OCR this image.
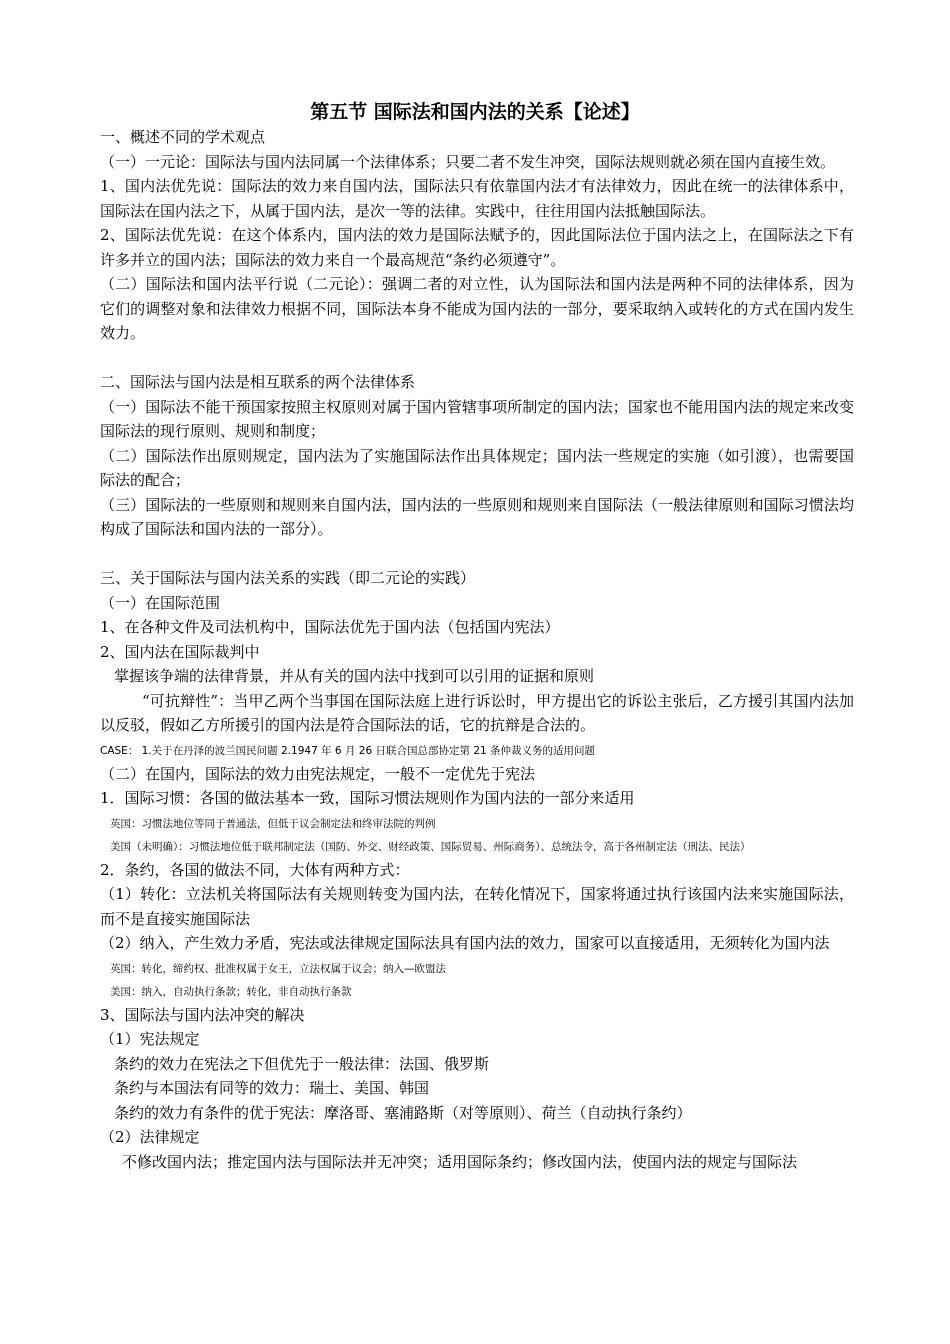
第五节 国际法和国内法的关系【论述】

一、概述不同的学术观点

（一）一元论：国际法与国内法同属一个法律体系；只要二者不发生冲突，国际法规则就必须在国内直接生效。

1、国内法优先说：国际法的效力来自国内法，国际法只有依靠国内法才有法律效力，因此在统一的法律体系中，国际法在国内法之下，从属于国内法，是次一等的法律。实践中，往往用国内法抵触国际法。

2、国际法优先说：在这个体系内，国内法的效力是国际法赋予的，因此国际法位于国内法之上，在国际法之下有许多并立的国内法；国际法的效力来自一个最高规范“条约必须遵守”。

（二）国际法和国内法平行说（二元论）：强调二者的对立性，认为国际法和国内法是两种不同的法律体系，因为它们的调整对象和法律效力根据不同，国际法本身不能成为国内法的一部分，要采取纳入或转化的方式在国内发生效力。

二、国际法与国内法是相互联系的两个法律体系

（一）国际法不能干预国家按照主权原则对属于国内管辖事项所制定的国内法；国家也不能用国内法的规定来改变国际法的现行原则、规则和制度；

（二）国际法作出原则规定，国内法为了实施国际法作出具体规定；国内法一些规定的实施（如引渡），也需要国际法的配合；

（三）国际法的一些原则和规则来自国内法，国内法的一些原则和规则来自国际法（一般法律原则和国际习惯法均构成了国际法和国内法的一部分）。

三、关于国际法与国内法关系的实践（即二元论的实践）

（一）在国际范围

1、在各种文件及司法机构中，国际法优先于国内法（包括国内宪法）

2、国内法在国际裁判中

掌握该争端的法律背景，并从有关的国内法中找到可以引用的证据和原则

“可抗辩性”：当甲乙两个当事国在国际法庭上进行诉讼时，甲方提出它的诉讼主张后，乙方援引其国内法加以反驳，假如乙方所援引的国内法是符合国际法的话，它的抗辩是合法的。

CASE： 1.关于在丹泽的波兰国民问题 2.1947 年 6 月 26 日联合国总部协定第 21 条仲裁义务的适用问题

（二）在国内，国际法的效力由宪法规定，一般不一定优先于宪法

1．国际习惯：各国的做法基本一致，国际习惯法规则作为国内法的一部分来适用

英国：习惯法地位等同于普通法，但低于议会制定法和终审法院的判例

美国（未明确）：习惯法地位低于联邦制定法（国防、外交、财经政策、国际贸易、州际商务）、总统法令，高于各州制定法（刑法、民法）

2．条约，各国的做法不同，大体有两种方式：

（1）转化：立法机关将国际法有关规则转变为国内法，在转化情况下，国家将通过执行该国内法来实施国际法，而不是直接实施国际法

（2）纳入，产生效力矛盾，宪法或法律规定国际法具有国内法的效力，国家可以直接适用，无须转化为国内法

英国：转化，缔约权、批准权属于女王，立法权属于议会；纳入—欧盟法

美国：纳入，自动执行条款；转化，非自动执行条款

3、国际法与国内法冲突的解决

（1）宪法规定

条约的效力在宪法之下但优先于一般法律：法国、俄罗斯

条约与本国法有同等的效力：瑞士、美国、韩国

条约的效力有条件的优于宪法：摩洛哥、塞浦路斯（对等原则）、荷兰（自动执行条约）

（2）法律规定

不修改国内法；推定国内法与国际法并无冲突；适用国际条约；修改国内法，使国内法的规定与国际法
